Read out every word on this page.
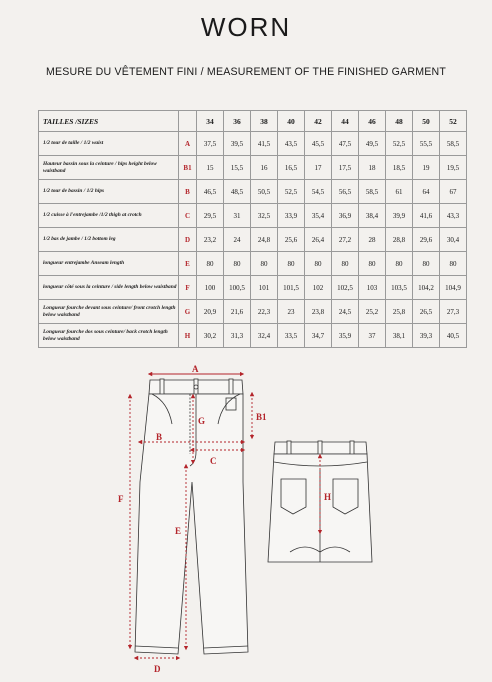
WORN
MESURE DU VÊTEMENT FINI / MEASUREMENT OF THE FINISHED GARMENT
TAILLES /SIZES		34	36	38	40	42	44	46	48	50	52
1/2 tour de taille / 1/2 waist	A	37,5	39,5	41,5	43,5	45,5	47,5	49,5	52,5	55,5	58,5
Hauteur bassin sous la ceinture / hips height below waistband	B1	15	15,5	16	16,5	17	17,5	18	18,5	19	19,5
1/2 tour de bassin / 1/2 hips	B	46,5	48,5	50,5	52,5	54,5	56,5	58,5	61	64	67
1/2 cuisse à l'entrejambe /1/2 thigh at crotch	C	29,5	31	32,5	33,9	35,4	36,9	38,4	39,9	41,6	43,3
1/2 bas de jambe / 1/2 bottom leg	D	23,2	24	24,8	25,6	26,4	27,2	28	28,8	29,6	30,4
longueur entrejambe Anseam length	E	80	80	80	80	80	80	80	80	80	80
longueur côté sous la ceinture / side length below waistband	F	100	100,5	101	101,5	102	102,5	103	103,5	104,2	104,9
Longueur fourche devant sous ceinture/ front crotch length below waistband	G	20,9	21,6	22,3	23	23,8	24,5	25,2	25,8	26,5	27,3
Longueur fourche dos sous ceinture/ back crotch length below waistband	H	30,2	31,3	32,4	33,5	34,7	35,9	37	38,1	39,3	40,5
A
B1
B
G
C
F
E
D
H
